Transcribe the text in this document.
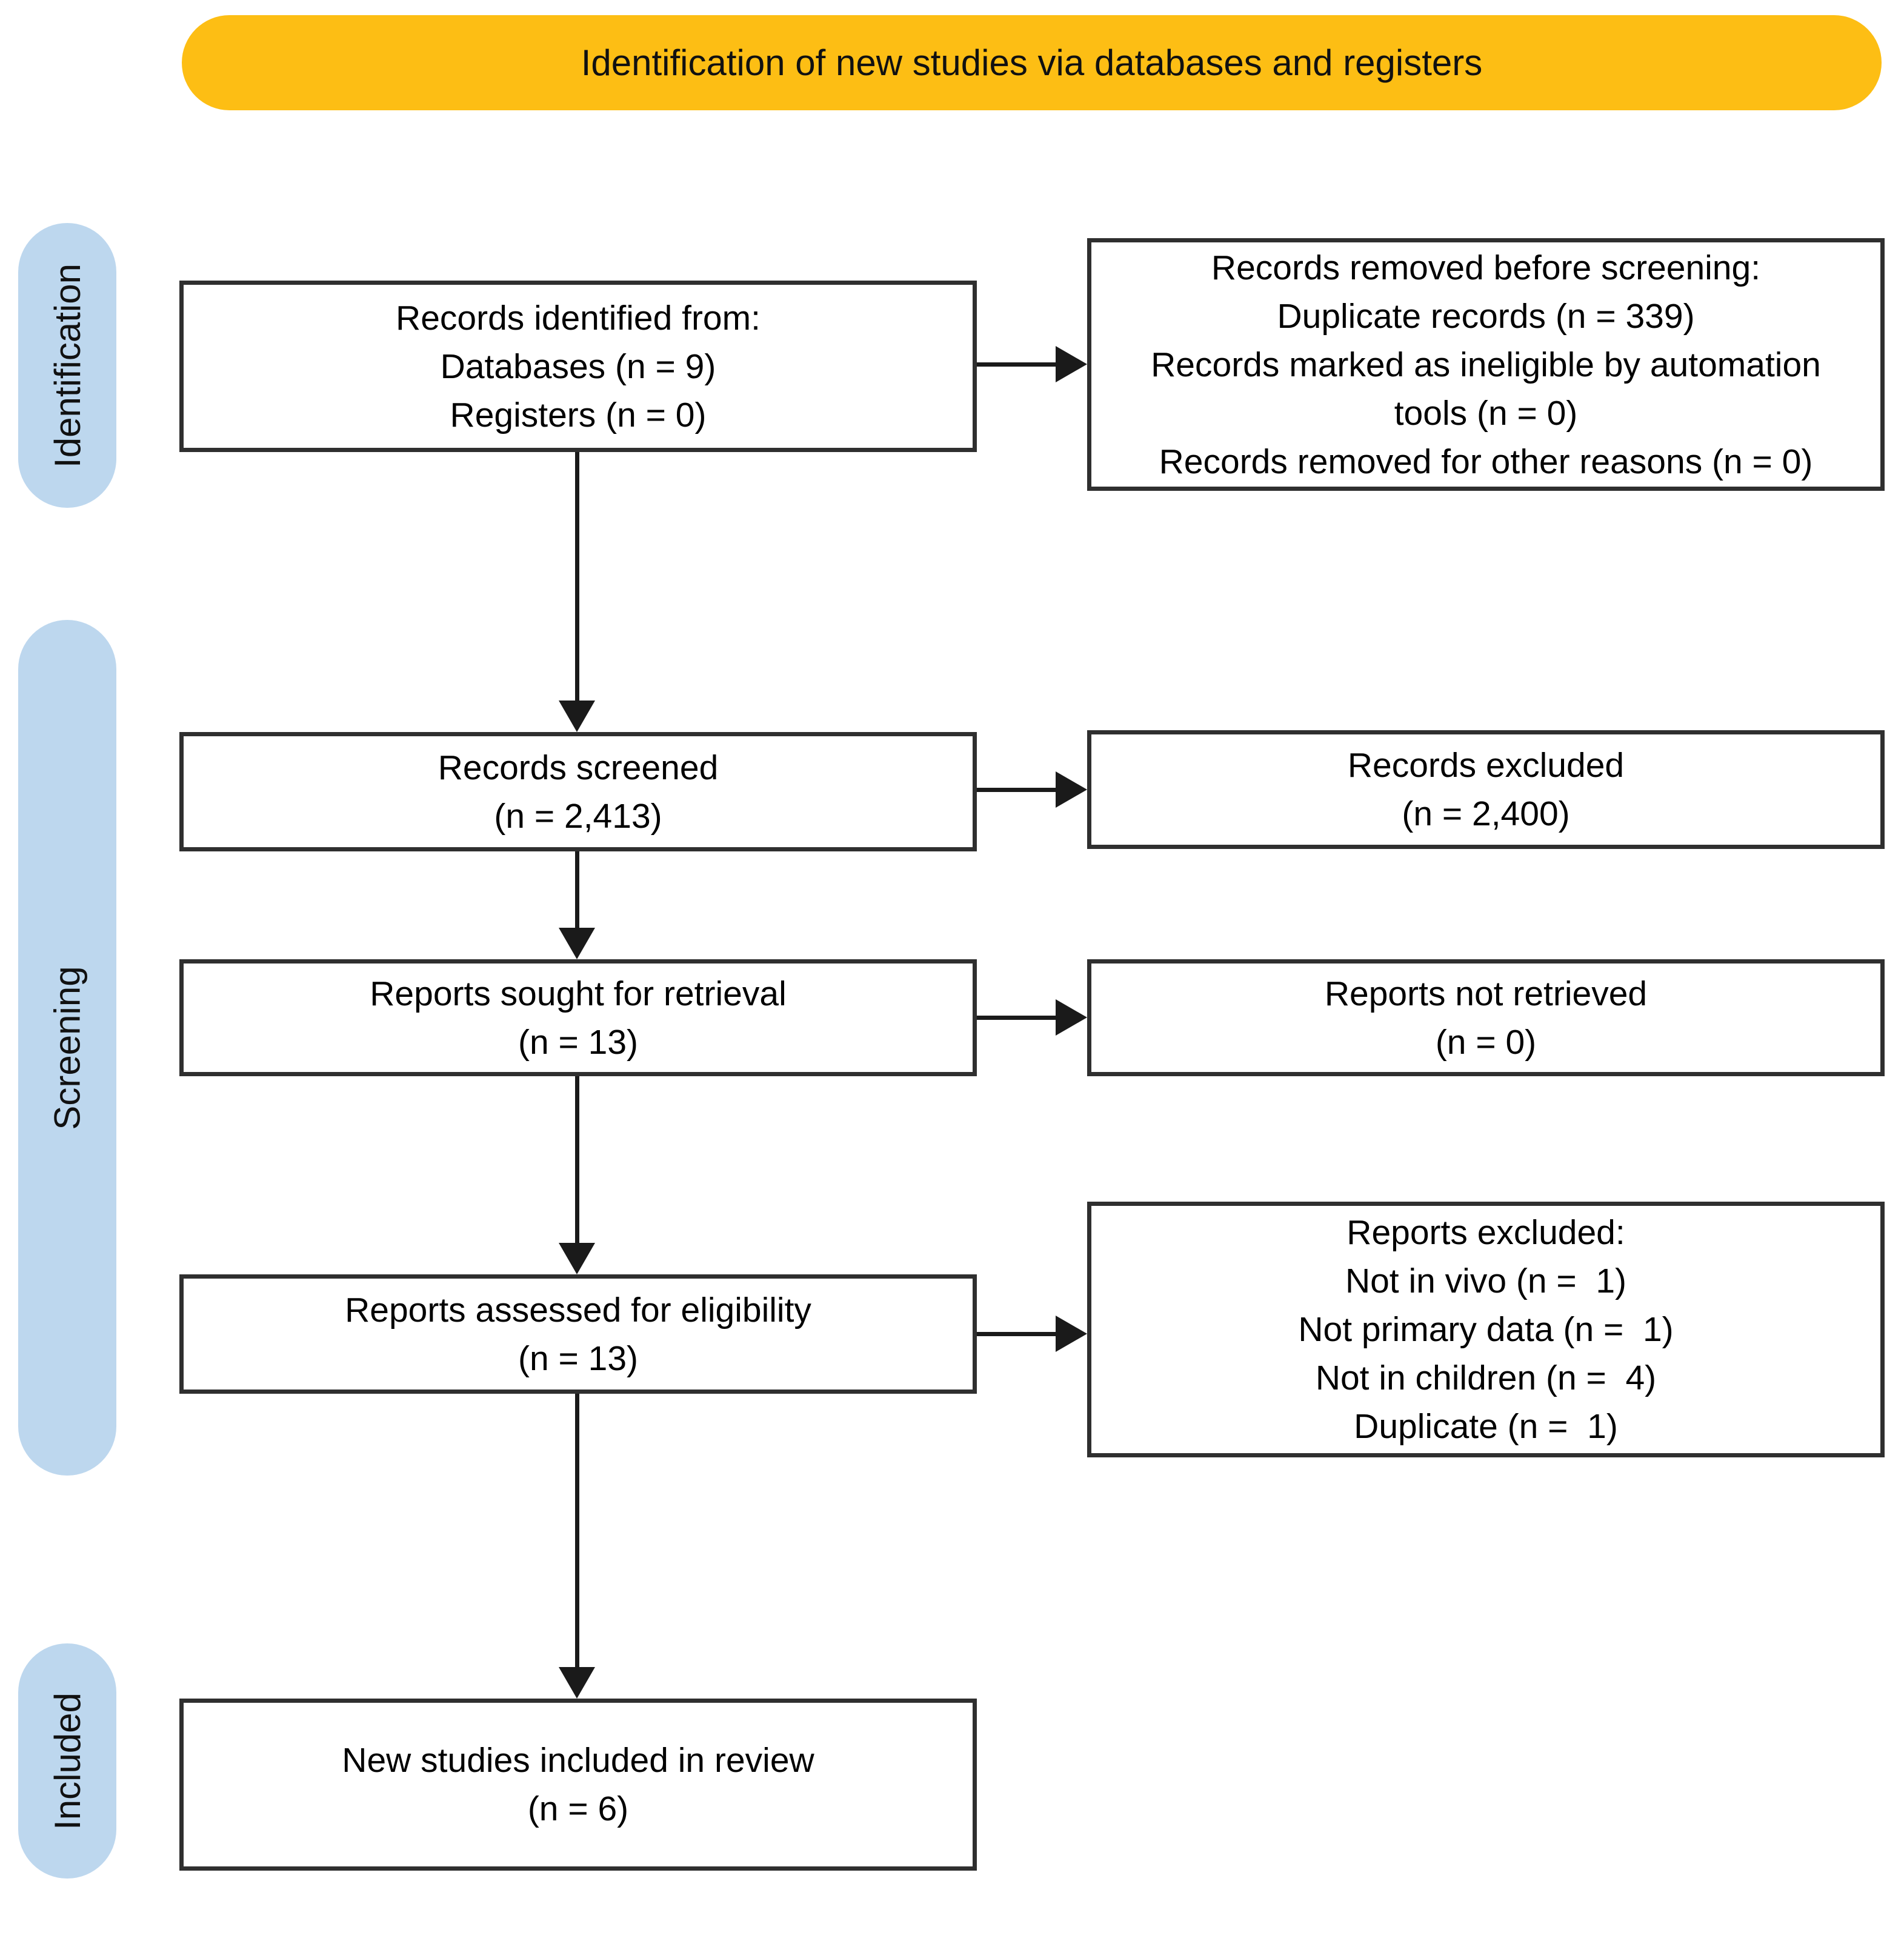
Identification of new studies via databases and registers
Identification
Screening
Included
Records identified from:
Databases (n = 9)
Registers (n = 0)
Records removed before screening:
Duplicate records (n = 339)
Records marked as ineligible by automation
tools (n = 0)
Records removed for other reasons (n = 0)
Records screened
(n = 2,413)
Records excluded
(n = 2,400)
Reports sought for retrieval
(n = 13)
Reports not retrieved
(n = 0)
Reports assessed for eligibility
(n = 13)
Reports excluded:
Not in vivo (n =  1)
Not primary data (n =  1)
Not in children (n =  4)
Duplicate (n =  1)
New studies included in review
(n = 6)
